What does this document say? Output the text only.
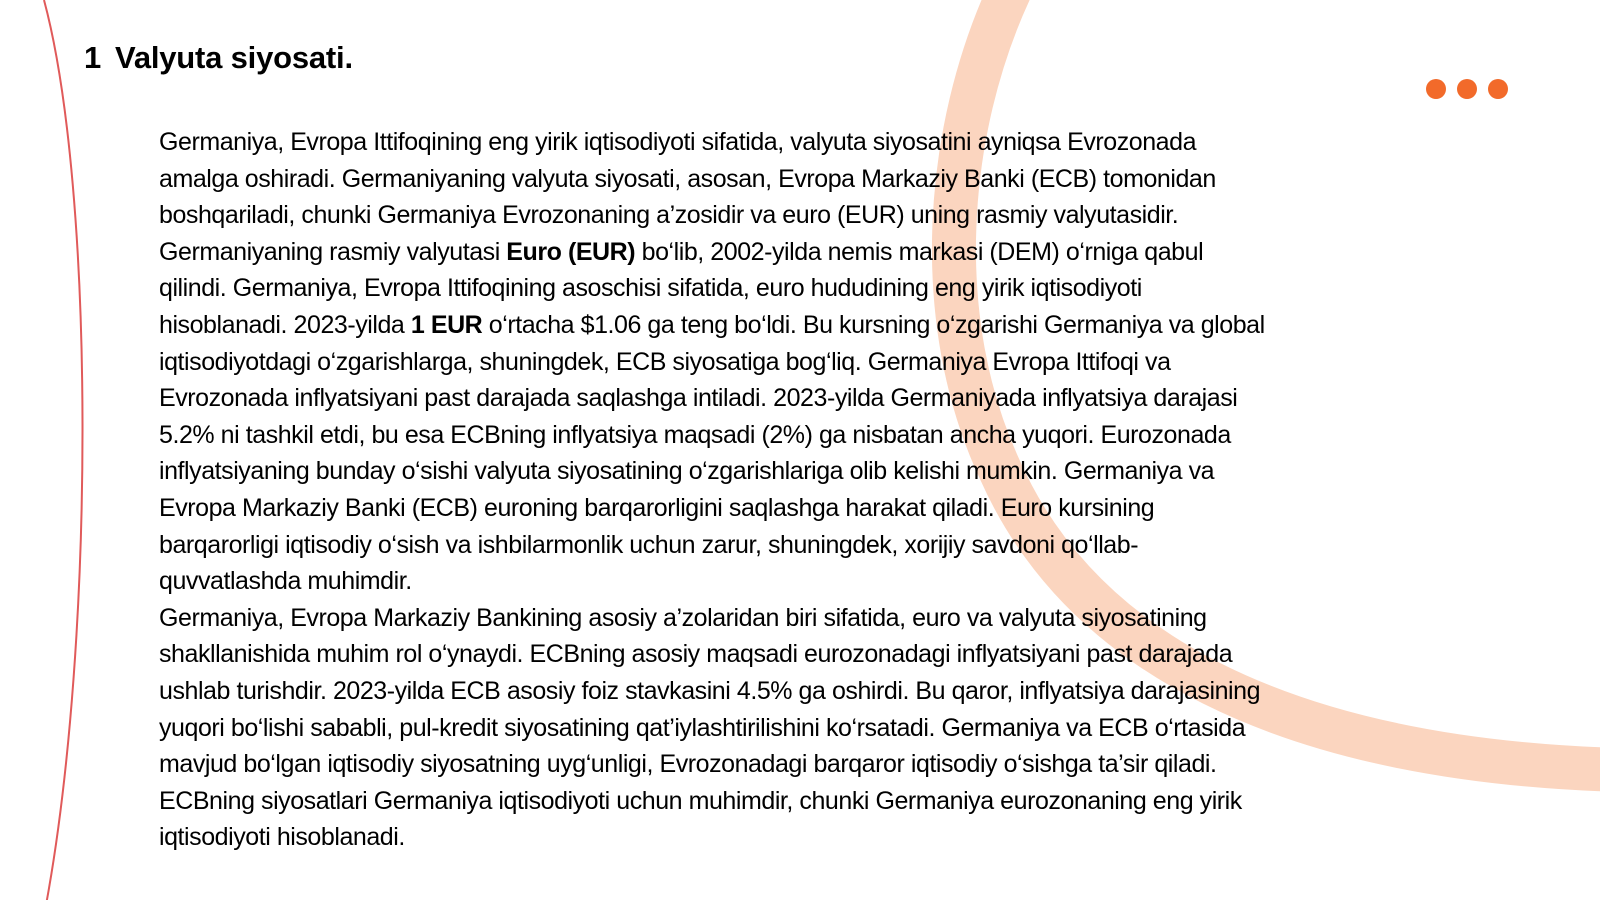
1 Valyuta siyosati.
Germaniya, Evropa Ittifoqining eng yirik iqtisodiyoti sifatida, valyuta siyosatini ayniqsa Evrozonada
amalga oshiradi. Germaniyaning valyuta siyosati, asosan, Evropa Markaziy Banki (ECB) tomonidan
boshqariladi, chunki Germaniya Evrozonaning a’zosidir va euro (EUR) uning rasmiy valyutasidir.
Germaniyaning rasmiy valyutasi Euro (EUR) bo‘lib, 2002-yilda nemis markasi (DEM) o‘rniga qabul
qilindi. Germaniya, Evropa Ittifoqining asoschisi sifatida, euro hududining eng yirik iqtisodiyoti
hisoblanadi. 2023-yilda 1 EUR o‘rtacha $1.06 ga teng bo‘ldi. Bu kursning o‘zgarishi Germaniya va global
iqtisodiyotdagi o‘zgarishlarga, shuningdek, ECB siyosatiga bog‘liq. Germaniya Evropa Ittifoqi va
Evrozonada inflyatsiyani past darajada saqlashga intiladi. 2023-yilda Germaniyada inflyatsiya darajasi
5.2% ni tashkil etdi, bu esa ECBning inflyatsiya maqsadi (2%) ga nisbatan ancha yuqori. Eurozonada
inflyatsiyaning bunday o‘sishi valyuta siyosatining o‘zgarishlariga olib kelishi mumkin. Germaniya va
Evropa Markaziy Banki (ECB) euroning barqarorligini saqlashga harakat qiladi. Euro kursining
barqarorligi iqtisodiy o‘sish va ishbilarmonlik uchun zarur, shuningdek, xorijiy savdoni qo‘llab-
quvvatlashda muhimdir.
Germaniya, Evropa Markaziy Bankining asosiy a’zolaridan biri sifatida, euro va valyuta siyosatining
shakllanishida muhim rol o‘ynaydi. ECBning asosiy maqsadi eurozonadagi inflyatsiyani past darajada
ushlab turishdir. 2023-yilda ECB asosiy foiz stavkasini 4.5% ga oshirdi. Bu qaror, inflyatsiya darajasining
yuqori bo‘lishi sababli, pul-kredit siyosatining qat’iylashtirilishini ko‘rsatadi. Germaniya va ECB o‘rtasida
mavjud bo‘lgan iqtisodiy siyosatning uyg‘unligi, Evrozonadagi barqaror iqtisodiy o‘sishga ta’sir qiladi.
ECBning siyosatlari Germaniya iqtisodiyoti uchun muhimdir, chunki Germaniya eurozonaning eng yirik
iqtisodiyoti hisoblanadi.
